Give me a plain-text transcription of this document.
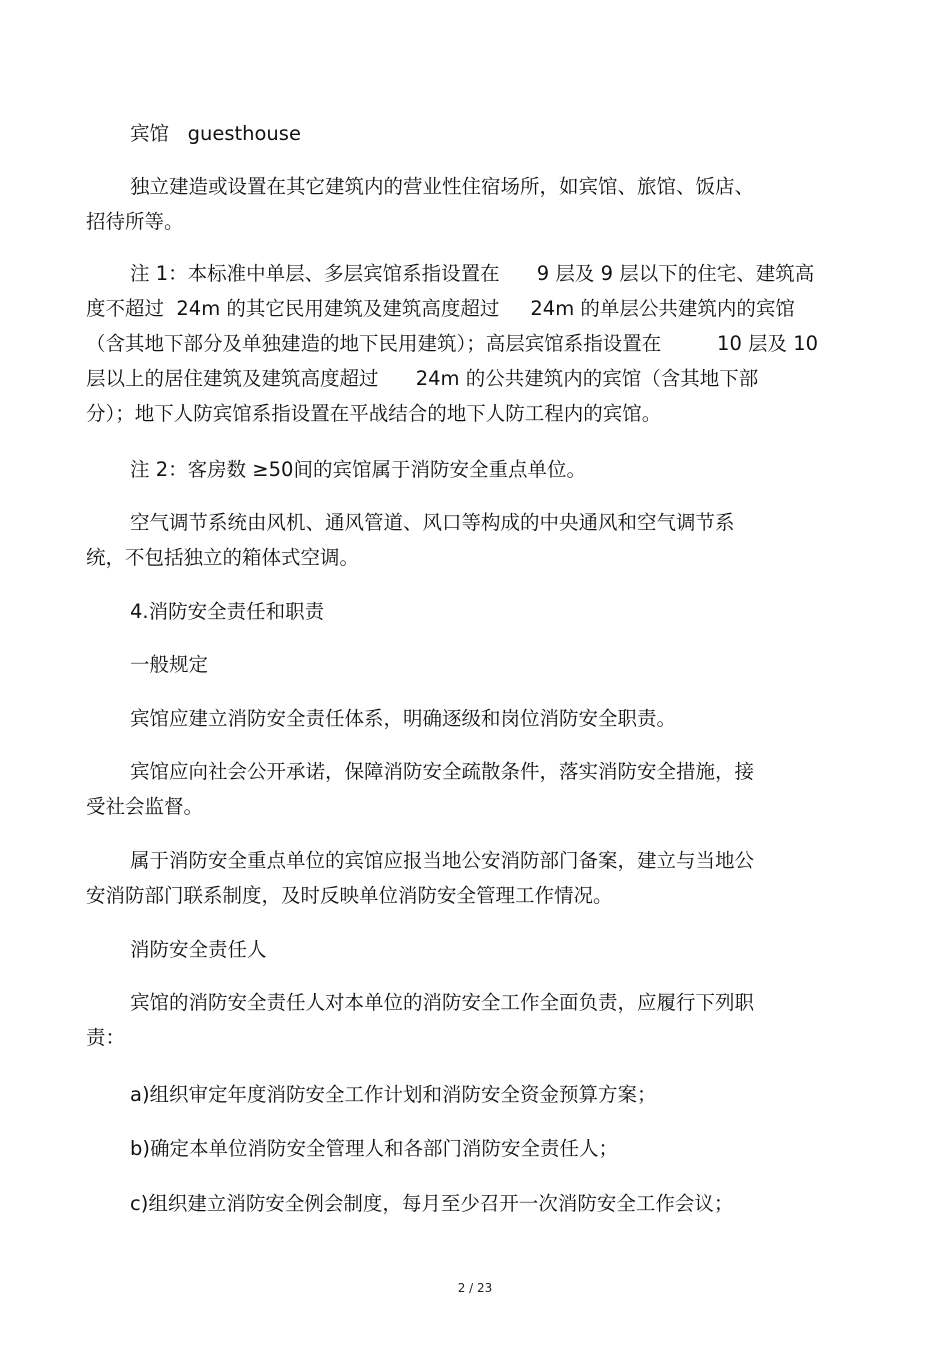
宾馆   guesthouse

独立建造或设置在其它建筑内的营业性住宿场所，如宾馆、旅馆、饭店、
招待所等。

注 1：本标准中单层、多层宾馆系指设置在      9 层及 9 层以下的住宅、建筑高
度不超过  24m 的其它民用建筑及建筑高度超过     24m 的单层公共建筑内的宾馆
（含其地下部分及单独建造的地下民用建筑）；高层宾馆系指设置在         10 层及 10
层以上的居住建筑及建筑高度超过      24m 的公共建筑内的宾馆（含其地下部
分）；地下人防宾馆系指设置在平战结合的地下人防工程内的宾馆。

注 2：客房数 ≥50间的宾馆属于消防安全重点单位。

空气调节系统由风机、通风管道、风口等构成的中央通风和空气调节系
统，不包括独立的箱体式空调。

4.消防安全责任和职责

一般规定

宾馆应建立消防安全责任体系，明确逐级和岗位消防安全职责。

宾馆应向社会公开承诺，保障消防安全疏散条件，落实消防安全措施，接
受社会监督。

属于消防安全重点单位的宾馆应报当地公安消防部门备案，建立与当地公
安消防部门联系制度，及时反映单位消防安全管理工作情况。

消防安全责任人

宾馆的消防安全责任人对本单位的消防安全工作全面负责，应履行下列职
责：

a)组织审定年度消防安全工作计划和消防安全资金预算方案；

b)确定本单位消防安全管理人和各部门消防安全责任人；

c)组织建立消防安全例会制度，每月至少召开一次消防安全工作会议；

2 / 23
